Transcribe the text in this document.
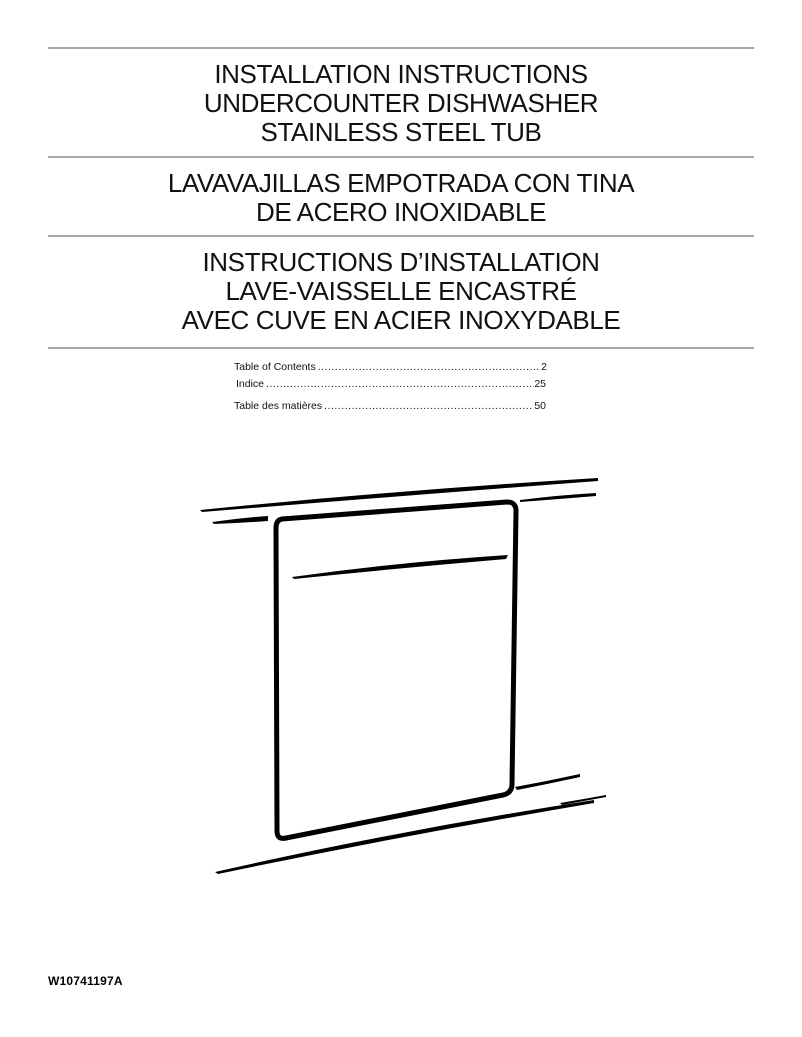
INSTALLATION INSTRUCTIONS
UNDERCOUNTER DISHWASHER
STAINLESS STEEL TUB
LAVAVAJILLAS EMPOTRADA CON TINA
DE ACERO INOXIDABLE
INSTRUCTIONS D’INSTALLATION
LAVE-VAISSELLE ENCASTRÉ
AVEC CUVE EN ACIER INOXYDABLE
Table of Contents .....	2
Indice .....	25
Table des matières .....	50
W10741197A
